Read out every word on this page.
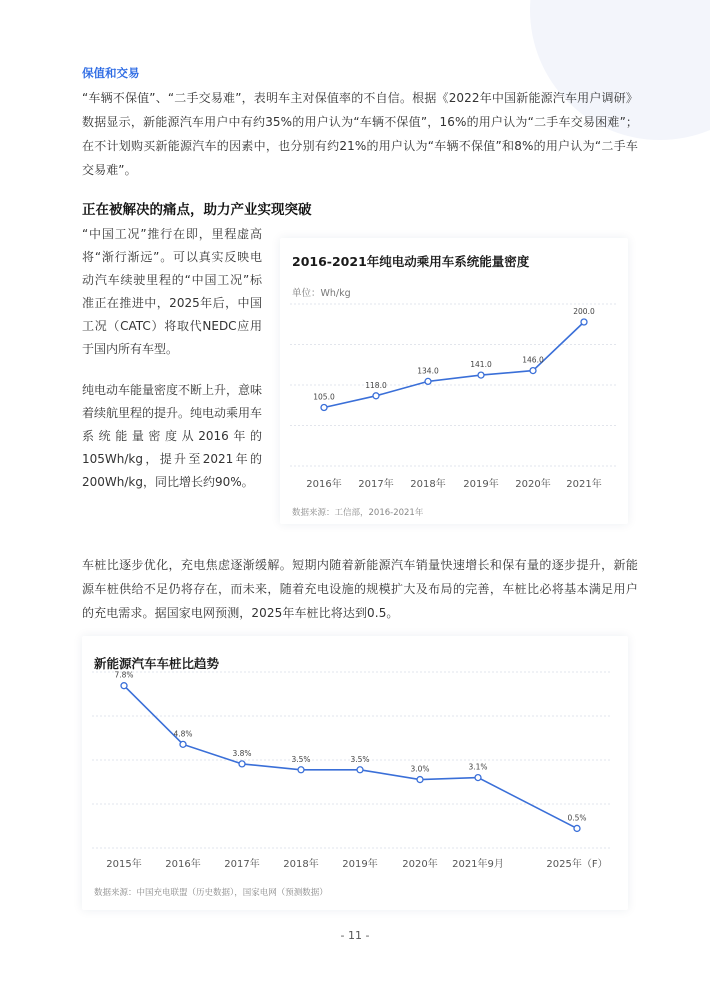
保值和交易
“车辆不保值”、“二手交易难”，表明车主对保值率的不自信。根据《2022年中国新能源汽车用户调研》数据显示，新能源汽车用户中有约35%的用户认为“车辆不保值”，16%的用户认为“二手车交易困难”；在不计划购买新能源汽车的因素中，也分别有约21%的用户认为“车辆不保值”和8%的用户认为“二手车交易难”。
正在被解决的痛点，助力产业实现突破
“中国工况”推行在即，里程虚高将“渐行渐远”。可以真实反映电动汽车续驶里程的“中国工况”标准正在推进中，2025年后，中国工况（CATC）将取代NEDC应用于国内所有车型。
纯电动车能量密度不断上升，意味着续航里程的提升。纯电动乘用车系统能量密度从2016年的105Wh/kg，提升至2021年的200Wh/kg，同比增长约90%。
2016-2021年纯电动乘用车系统能量密度
单位：Wh/kg
105.0
2016年
118.0
2017年
134.0
2018年
141.0
2019年
146.0
2020年
200.0
2021年
数据来源：工信部，2016-2021年
车桩比逐步优化，充电焦虑逐渐缓解。短期内随着新能源汽车销量快速增长和保有量的逐步提升，新能源车桩供给不足仍将存在，而未来，随着充电设施的规模扩大及布局的完善，车桩比必将基本满足用户的充电需求。据国家电网预测，2025年车桩比将达到0.5。
新能源汽车车桩比趋势
7.8%
2015年
4.8%
2016年
3.8%
2017年
3.5%
2018年
3.5%
2019年
3.0%
2020年
3.1%
2021年9月
0.5%
2025年（F）
数据来源：中国充电联盟（历史数据），国家电网（预测数据）
- 11 -
